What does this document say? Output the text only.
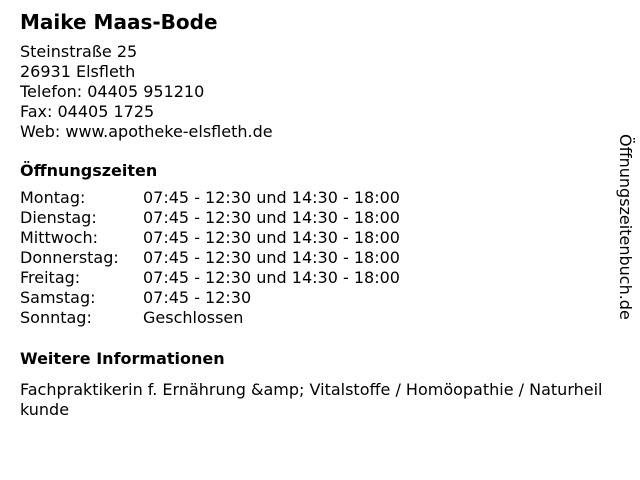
Maike Maas-Bode
Steinstraße 25
26931 Elsfleth
Telefon: 04405 951210
Fax: 04405 1725
Web: www.apotheke-elsfleth.de
Öffnungszeiten
Montag:	07:45 - 12:30 und 14:30 - 18:00
Dienstag:	07:45 - 12:30 und 14:30 - 18:00
Mittwoch:	07:45 - 12:30 und 14:30 - 18:00
Donnerstag:	07:45 - 12:30 und 14:30 - 18:00
Freitag:	07:45 - 12:30 und 14:30 - 18:00
Samstag:	07:45 - 12:30
Sonntag:	Geschlossen
Weitere Informationen
Fachpraktikerin f. Ernährung &amp; Vitalstoffe / Homöopathie / Naturheilkunde
Öffnungszeitenbuch.de
